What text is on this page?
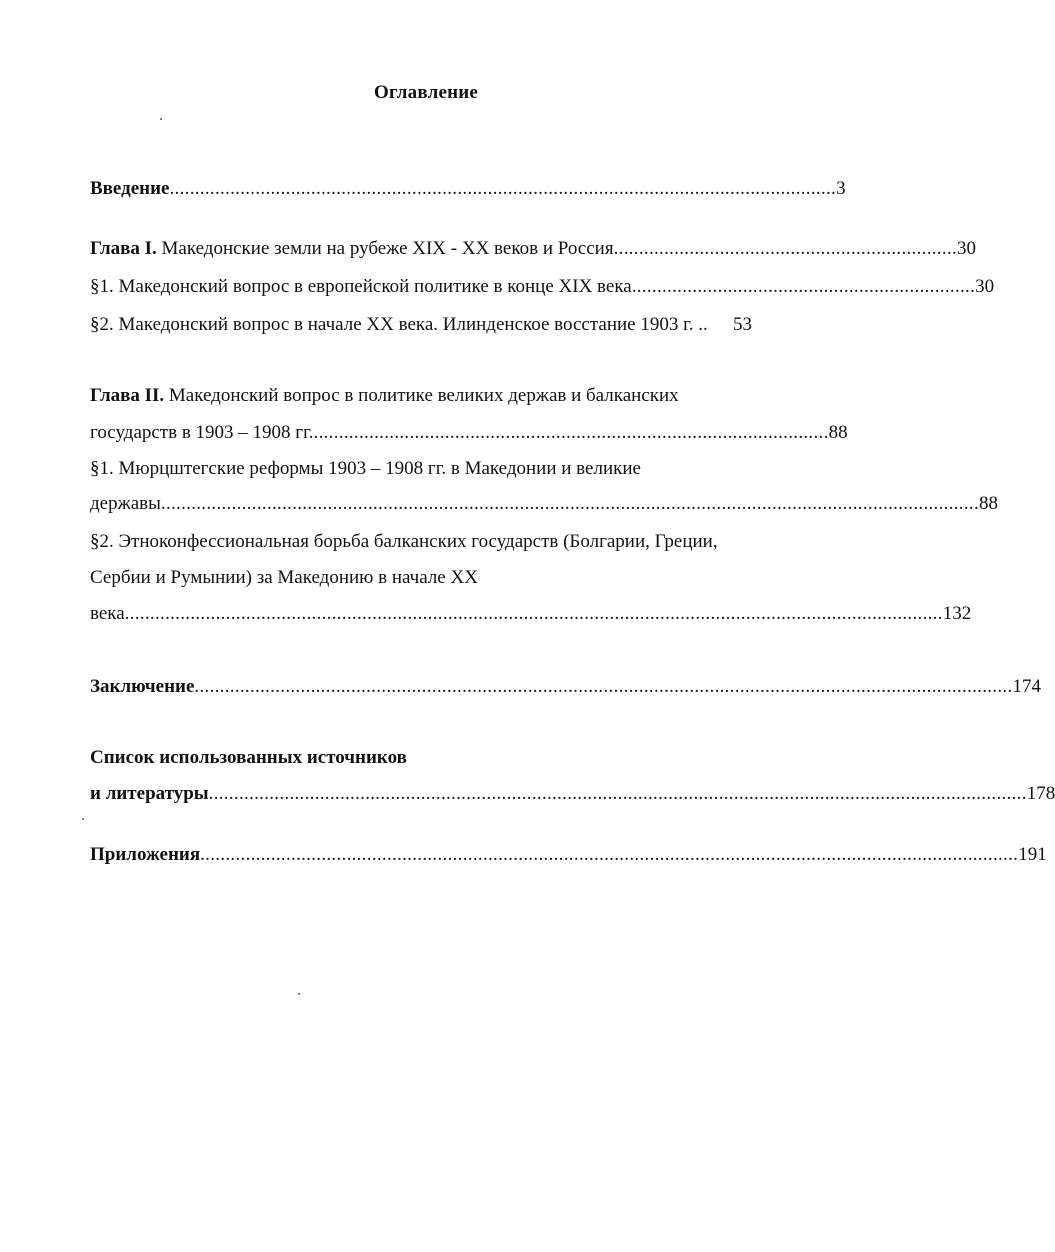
Оглавление
Введение .................................................................................................................................... 3
Глава I. Македонские земли на рубеже XIX - XX веков и Россия .................................................................... 30
§1. Македонский вопрос в европейской политике в конце XIX века .................................................................... 30
§2. Македонский вопрос в начале XX века. Илинденское восстание 1903 г. .. 53
Глава II. Македонский вопрос в политике великих держав и балканских
государств в 1903 – 1908 гг. ...................................................................................................... 88
§1. Мюрцштегские реформы 1903 – 1908 гг. в Македонии и великие
державы .................................................................................................................................................................. 88
§2. Этноконфессиональная борьба балканских государств (Болгарии, Греции,
Сербии и Румынии) за Македонию в начале XX
века .................................................................................................................................................................. 132
Заключение .................................................................................................................................................................. 174
Список использованных источников
и литературы .................................................................................................................................................................. 178
Приложения .................................................................................................................................................................. 191
